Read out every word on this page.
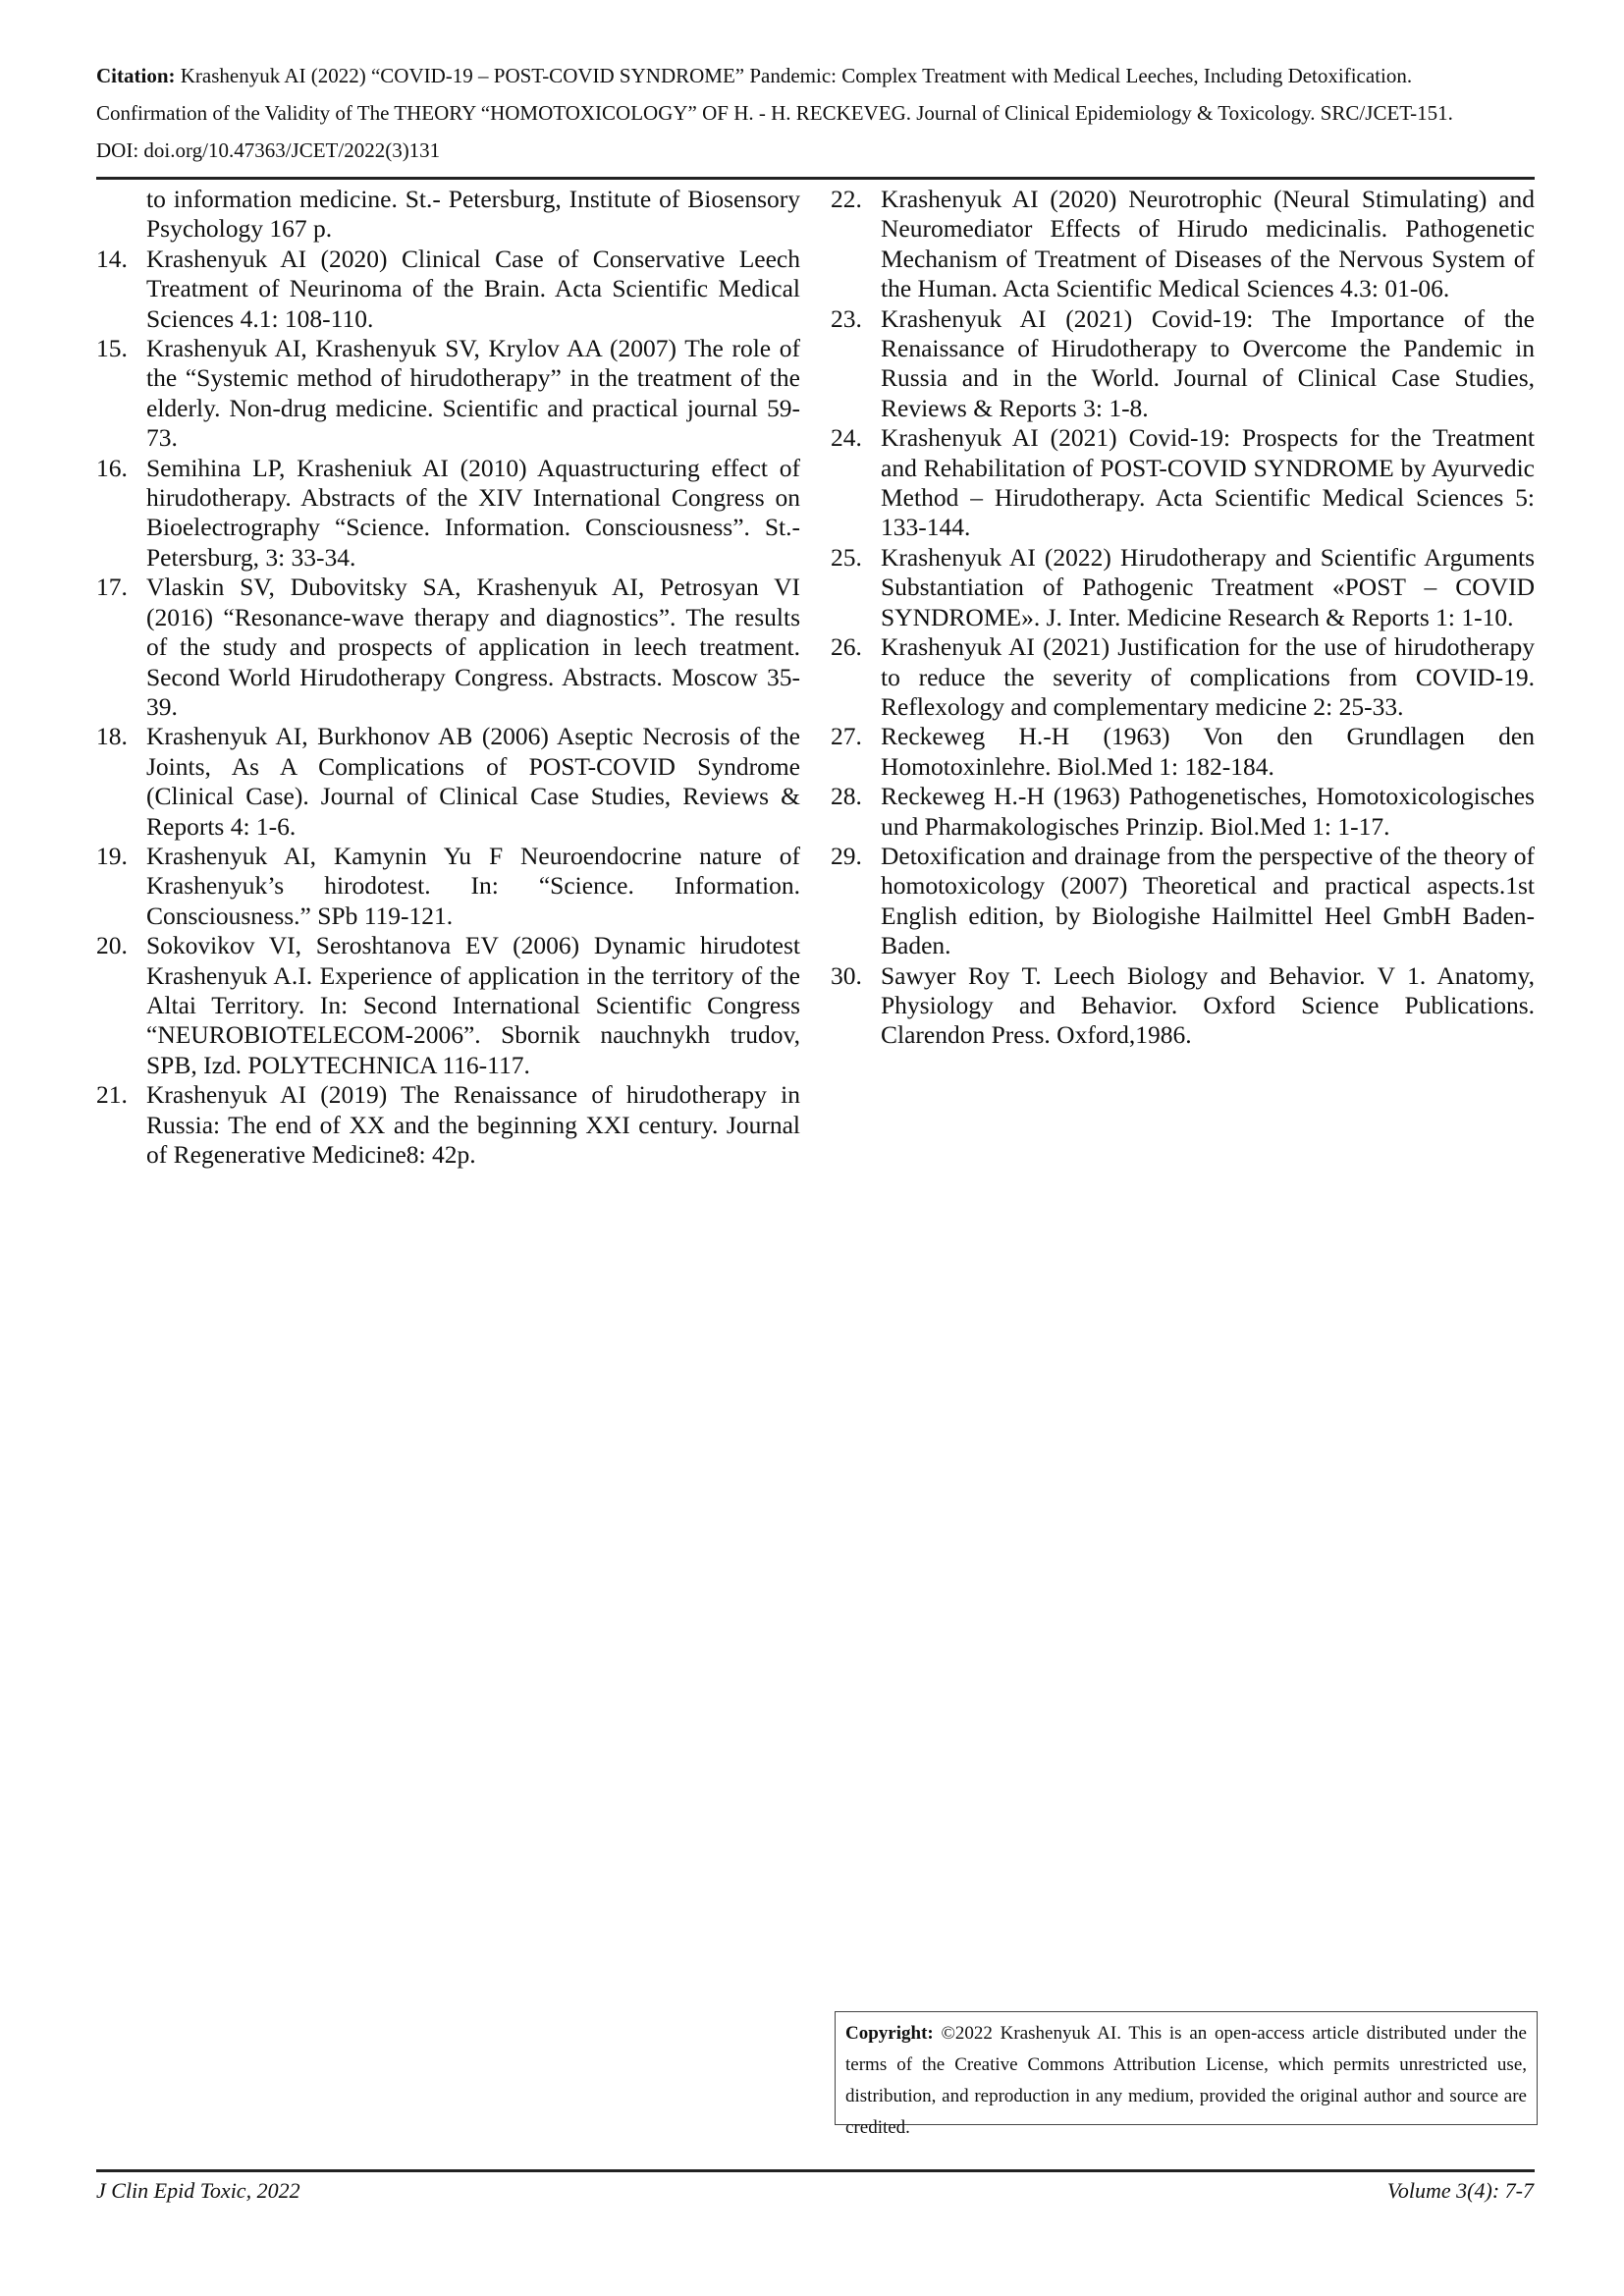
Citation: Krashenyuk AI (2022) “COVID-19 – POST-COVID SYNDROME” Pandemic: Complex Treatment with Medical Leeches, Including Detoxification.
Confirmation of the Validity of The THEORY “HOMOTOXICOLOGY” OF H. - H. RECKEVEG. Journal of Clinical Epidemiology & Toxicology. SRC/JCET-151.
DOI: doi.org/10.47363/JCET/2022(3)131
to information medicine. St.- Petersburg, Institute of Biosensory Psychology 167 p.
14. Krashenyuk AI (2020) Clinical Case of Conservative Leech Treatment of Neurinoma of the Brain. Acta Scientific Medical Sciences 4.1: 108-110.
15. Krashenyuk AI, Krashenyuk SV, Krylov AA (2007) The role of the “Systemic method of hirudotherapy” in the treatment of the elderly. Non-drug medicine. Scientific and practical journal 59-73.
16. Semihina LP, Krasheniuk AI (2010) Aquastructuring effect of hirudotherapy. Abstracts of the XIV International Congress on Bioelectrography “Science. Information. Consciousness”. St.- Petersburg, 3: 33-34.
17. Vlaskin SV, Dubovitsky SA, Krashenyuk AI, Petrosyan VI (2016) “Resonance-wave therapy and diagnostics”. The results of the study and prospects of application in leech treatment. Second World Hirudotherapy Congress. Abstracts. Moscow 35-39.
18. Krashenyuk AI, Burkhonov AB (2006) Aseptic Necrosis of the Joints, As A Complications of POST-COVID Syndrome (Clinical Case). Journal of Clinical Case Studies, Reviews & Reports 4: 1-6.
19. Krashenyuk AI, Kamynin Yu F Neuroendocrine nature of Krashenyuk’s hirodotest. In: “Science. Information. Consciousness.” SPb 119-121.
20. Sokovikov VI, Seroshtanova EV (2006) Dynamic hirudotest Krashenyuk A.I. Experience of application in the territory of the Altai Territory. In: Second International Scientific Congress “NEUROBIOTELECOM-2006”. Sbornik nauchnykh trudov, SPB, Izd. POLYTECHNICA 116-117.
21. Krashenyuk AI (2019) The Renaissance of hirudotherapy in Russia: The end of XX and the beginning XXI century. Journal of Regenerative Medicine8: 42p.
22. Krashenyuk AI (2020) Neurotrophic (Neural Stimulating) and Neuromediator Effects of Hirudo medicinalis. Pathogenetic Mechanism of Treatment of Diseases of the Nervous System of the Human. Acta Scientific Medical Sciences 4.3: 01-06.
23. Krashenyuk AI (2021) Covid-19: The Importance of the Renaissance of Hirudotherapy to Overcome the Pandemic in Russia and in the World. Journal of Clinical Case Studies, Reviews & Reports 3: 1-8.
24. Krashenyuk AI (2021) Covid-19: Prospects for the Treatment and Rehabilitation of POST-COVID SYNDROME by Ayurvedic Method – Hirudotherapy. Acta Scientific Medical Sciences 5: 133-144.
25. Krashenyuk AI (2022) Hirudotherapy and Scientific Arguments Substantiation of Pathogenic Treatment «POST – COVID SYNDROME». J. Inter. Medicine Research & Reports 1: 1-10.
26. Krashenyuk AI (2021) Justification for the use of hirudotherapy to reduce the severity of complications from COVID-19. Reflexology and complementary medicine 2: 25-33.
27. Reckeweg H.-H (1963) Von den Grundlagen den Homotoxinlehre. Biol.Med 1: 182-184.
28. Reckeweg H.-H (1963) Pathogenetisches, Homotoxicologisches und Pharmakologisches Prinzip. Biol.Med 1: 1-17.
29. Detoxification and drainage from the perspective of the theory of homotoxicology (2007) Theoretical and practical aspects.1st English edition, by Biologishe Hailmittel Heel GmbH Baden-Baden.
30. Sawyer Roy T. Leech Biology and Behavior. V 1. Anatomy, Physiology and Behavior. Oxford Science Publications. Clarendon Press. Oxford,1986.
Copyright: ©2022 Krashenyuk AI. This is an open-access article distributed under the terms of the Creative Commons Attribution License, which permits unrestricted use, distribution, and reproduction in any medium, provided the original author and source are credited.
J Clin Epid Toxic, 2022	Volume 3(4): 7-7
